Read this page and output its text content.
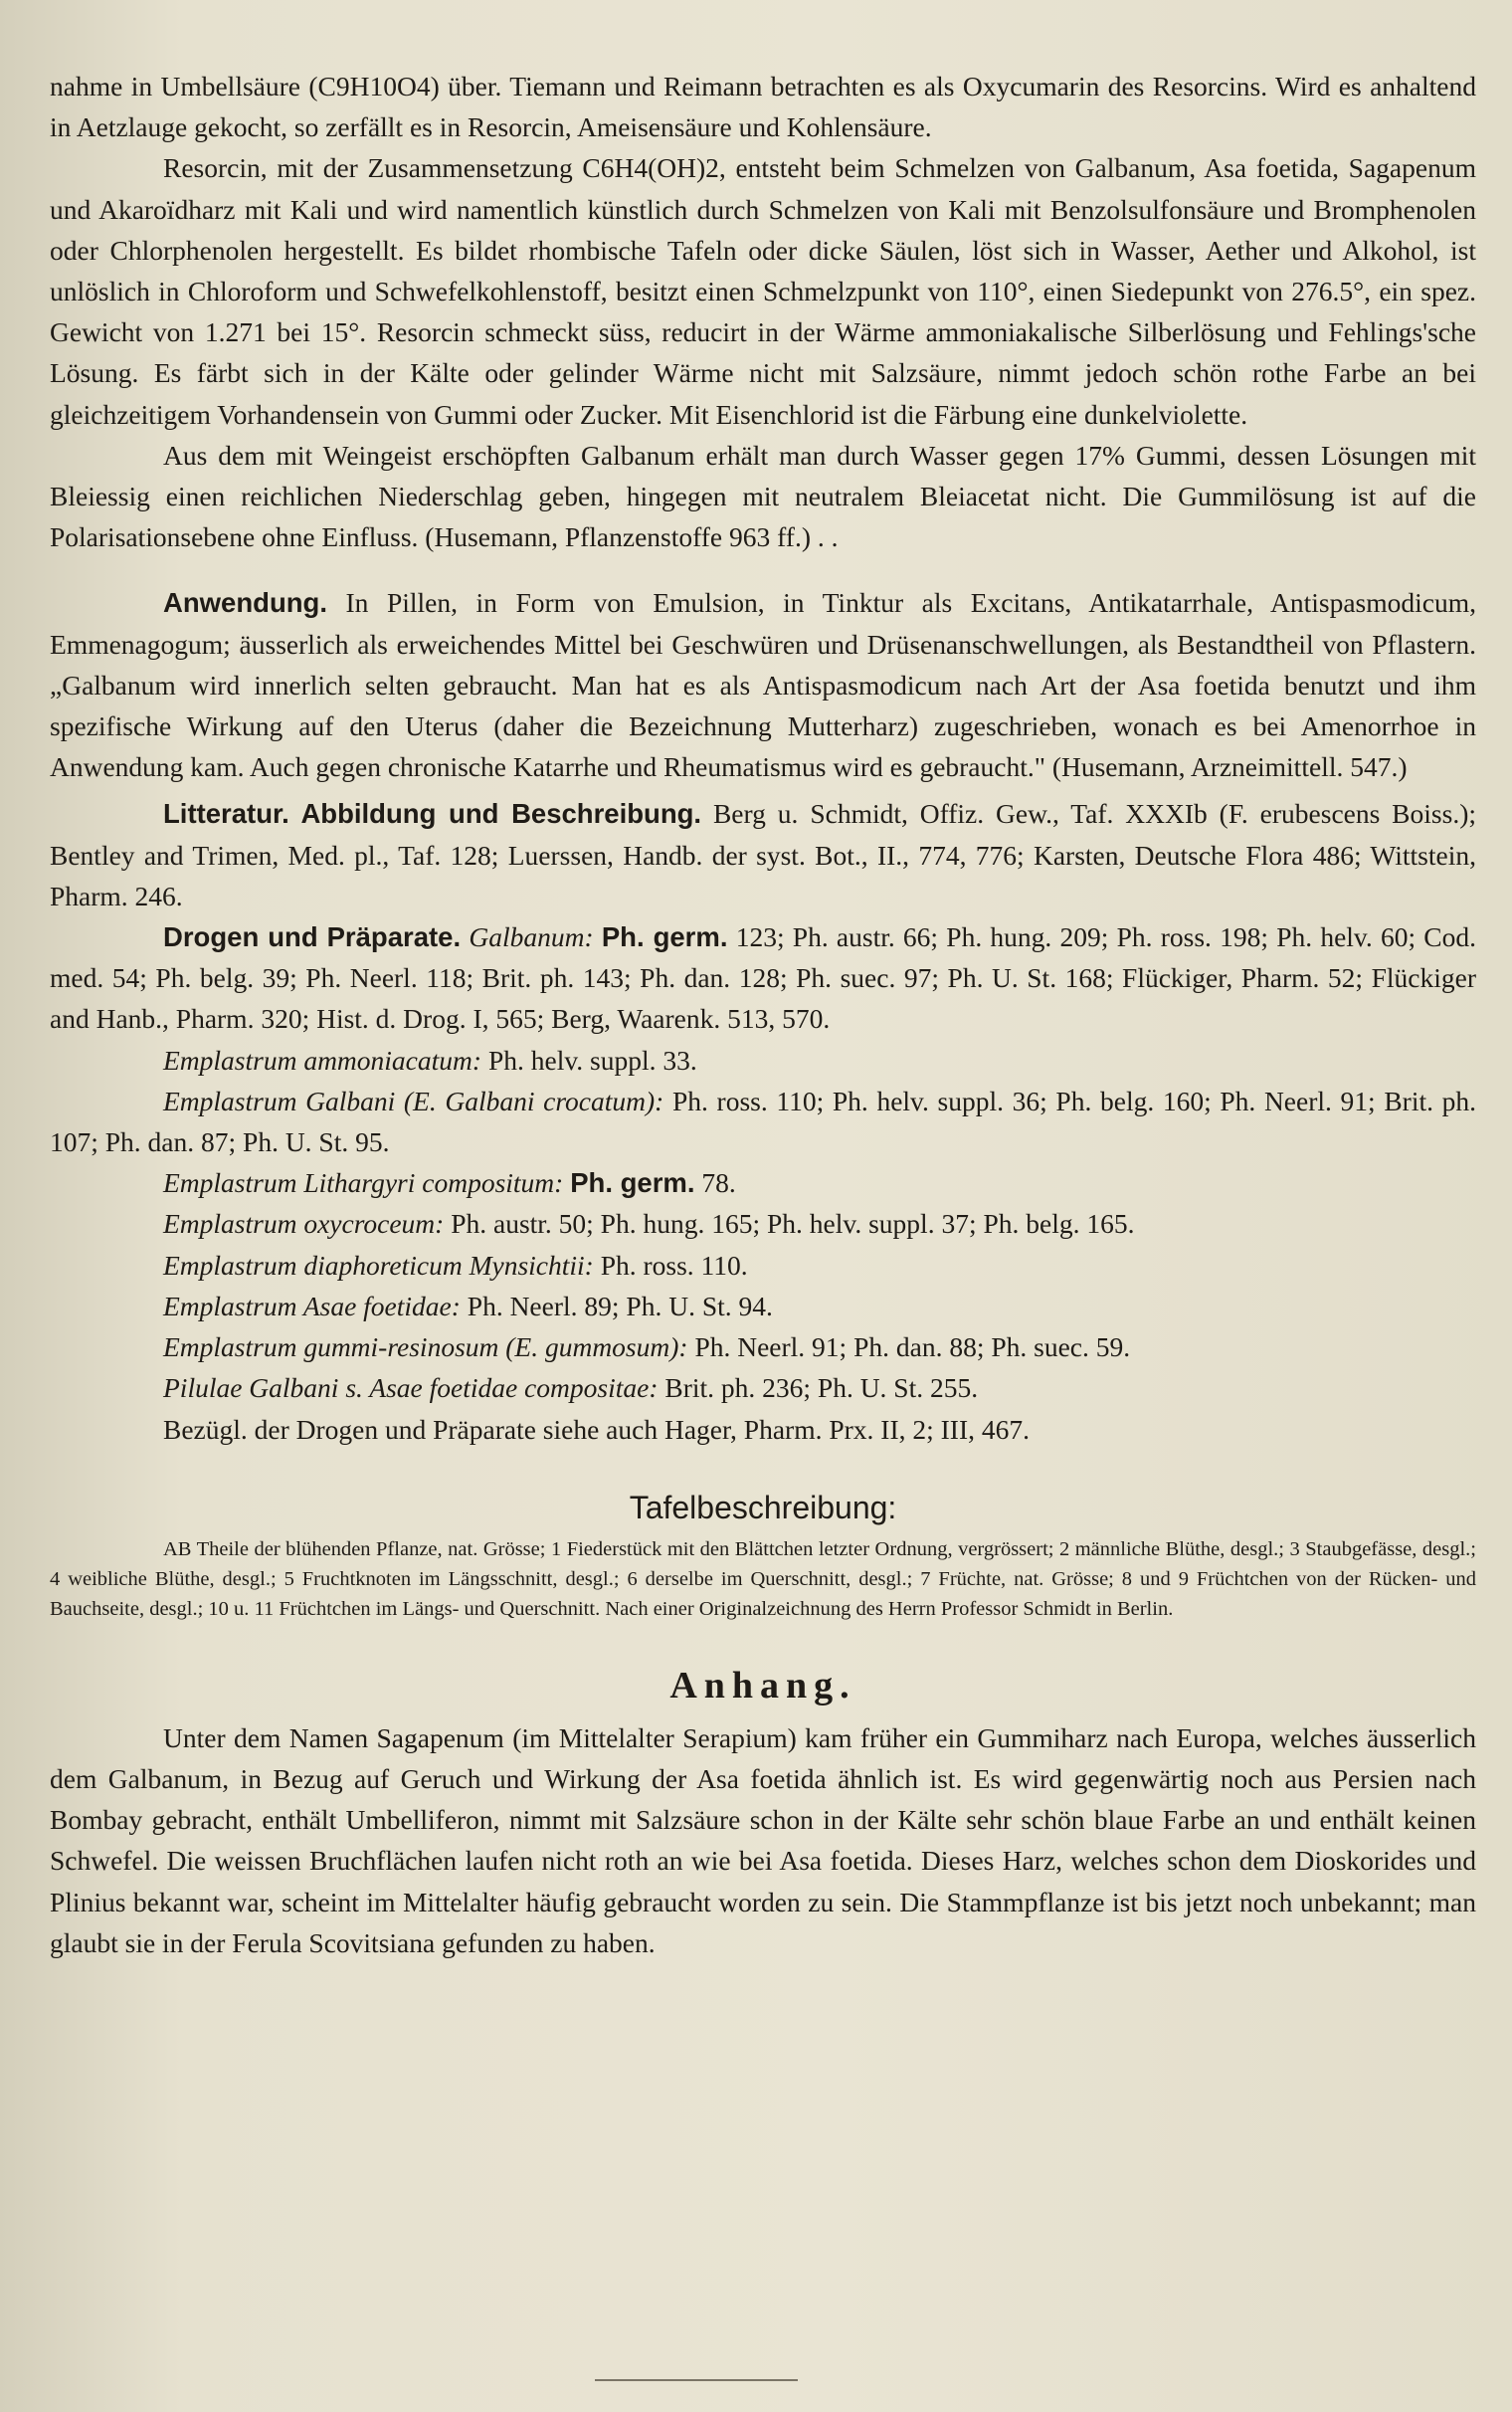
nahme in Umbellsäure (C9H10O4) über. Tiemann und Reimann betrachten es als Oxycumarin des Resorcins. Wird es anhaltend in Aetzlauge gekocht, so zerfällt es in Resorcin, Ameisensäure und Kohlensäure.

Resorcin, mit der Zusammensetzung C6H4(OH)2, entsteht beim Schmelzen von Galbanum, Asa foetida, Sagapenum und Akaroïdharz mit Kali und wird namentlich künstlich durch Schmelzen von Kali mit Benzolsulfonsäure und Bromphenolen oder Chlorphenolen hergestellt. Es bildet rhombische Tafeln oder dicke Säulen, löst sich in Wasser, Aether und Alkohol, ist unlöslich in Chloroform und Schwefelkohlenstoff, besitzt einen Schmelzpunkt von 110°, einen Siedepunkt von 276.5°, ein spez. Gewicht von 1.271 bei 15°. Resorcin schmeckt süss, reducirt in der Wärme ammoniakalische Silberlösung und Fehlings'sche Lösung. Es färbt sich in der Kälte oder gelinder Wärme nicht mit Salzsäure, nimmt jedoch schön rothe Farbe an bei gleichzeitigem Vorhandensein von Gummi oder Zucker. Mit Eisenchlorid ist die Färbung eine dunkelviolette.

Aus dem mit Weingeist erschöpften Galbanum erhält man durch Wasser gegen 17% Gummi, dessen Lösungen mit Bleiessig einen reichlichen Niederschlag geben, hingegen mit neutralem Bleiacetat nicht. Die Gummilösung ist auf die Polarisationsebene ohne Einfluss. (Husemann, Pflanzenstoffe 963 ff.) . .

Anwendung. In Pillen, in Form von Emulsion, in Tinktur als Excitans, Antikatarrhale, Antispasmodicum, Emmenagogum; äusserlich als erweichendes Mittel bei Geschwüren und Drüsenanschwellungen, als Bestandtheil von Pflastern. „Galbanum wird innerlich selten gebraucht. Man hat es als Antispasmodicum nach Art der Asa foetida benutzt und ihm spezifische Wirkung auf den Uterus (daher die Bezeichnung Mutterharz) zugeschrieben, wonach es bei Amenorrhoe in Anwendung kam. Auch gegen chronische Katarrhe und Rheumatismus wird es gebraucht." (Husemann, Arzneimittell. 547.)

Litteratur. Abbildung und Beschreibung. Berg u. Schmidt, Offiz. Gew., Taf. XXXIb (F. erubescens Boiss.); Bentley and Trimen, Med. pl., Taf. 128; Luerssen, Handb. der syst. Bot., II., 774, 776; Karsten, Deutsche Flora 486; Wittstein, Pharm. 246.

Drogen und Präparate. Galbanum: Ph. germ. 123; Ph. austr. 66; Ph. hung. 209; Ph. ross. 198; Ph. helv. 60; Cod. med. 54; Ph. belg. 39; Ph. Neerl. 118; Brit. ph. 143; Ph. dan. 128; Ph. suec. 97; Ph. U. St. 168; Flückiger, Pharm. 52; Flückiger and Hanb., Pharm. 320; Hist. d. Drog. I, 565; Berg, Waarenk. 513, 570.

Emplastrum ammoniacatum: Ph. helv. suppl. 33.

Emplastrum Galbani (E. Galbani crocatum): Ph. ross. 110; Ph. helv. suppl. 36; Ph. belg. 160; Ph. Neerl. 91; Brit. ph. 107; Ph. dan. 87; Ph. U. St. 95.

Emplastrum Lithargyri compositum: Ph. germ. 78.

Emplastrum oxycroceum: Ph. austr. 50; Ph. hung. 165; Ph. helv. suppl. 37; Ph. belg. 165.

Emplastrum diaphoreticum Mynsichtii: Ph. ross. 110.

Emplastrum Asae foetidae: Ph. Neerl. 89; Ph. U. St. 94.

Emplastrum gummi-resinosum (E. gummosum): Ph. Neerl. 91; Ph. dan. 88; Ph. suec. 59.

Pilulae Galbani s. Asae foetidae compositae: Brit. ph. 236; Ph. U. St. 255.

Bezügl. der Drogen und Präparate siehe auch Hager, Pharm. Prx. II, 2; III, 467.

Tafelbeschreibung:

AB Theile der blühenden Pflanze, nat. Grösse; 1 Fiederstück mit den Blättchen letzter Ordnung, vergrössert; 2 männliche Blüthe, desgl.; 3 Staubgefässe, desgl.; 4 weibliche Blüthe, desgl.; 5 Fruchtknoten im Längsschnitt, desgl.; 6 derselbe im Querschnitt, desgl.; 7 Früchte, nat. Grösse; 8 und 9 Früchtchen von der Rücken- und Bauchseite, desgl.; 10 u. 11 Früchtchen im Längs- und Querschnitt. Nach einer Originalzeichnung des Herrn Professor Schmidt in Berlin.

Anhang.

Unter dem Namen Sagapenum (im Mittelalter Serapium) kam früher ein Gummiharz nach Europa, welches äusserlich dem Galbanum, in Bezug auf Geruch und Wirkung der Asa foetida ähnlich ist. Es wird gegenwärtig noch aus Persien nach Bombay gebracht, enthält Umbelliferon, nimmt mit Salzsäure schon in der Kälte sehr schön blaue Farbe an und enthält keinen Schwefel. Die weissen Bruchflächen laufen nicht roth an wie bei Asa foetida. Dieses Harz, welches schon dem Dioskorides und Plinius bekannt war, scheint im Mittelalter häufig gebraucht worden zu sein. Die Stammpflanze ist bis jetzt noch unbekannt; man glaubt sie in der Ferula Scovitsiana gefunden zu haben.
